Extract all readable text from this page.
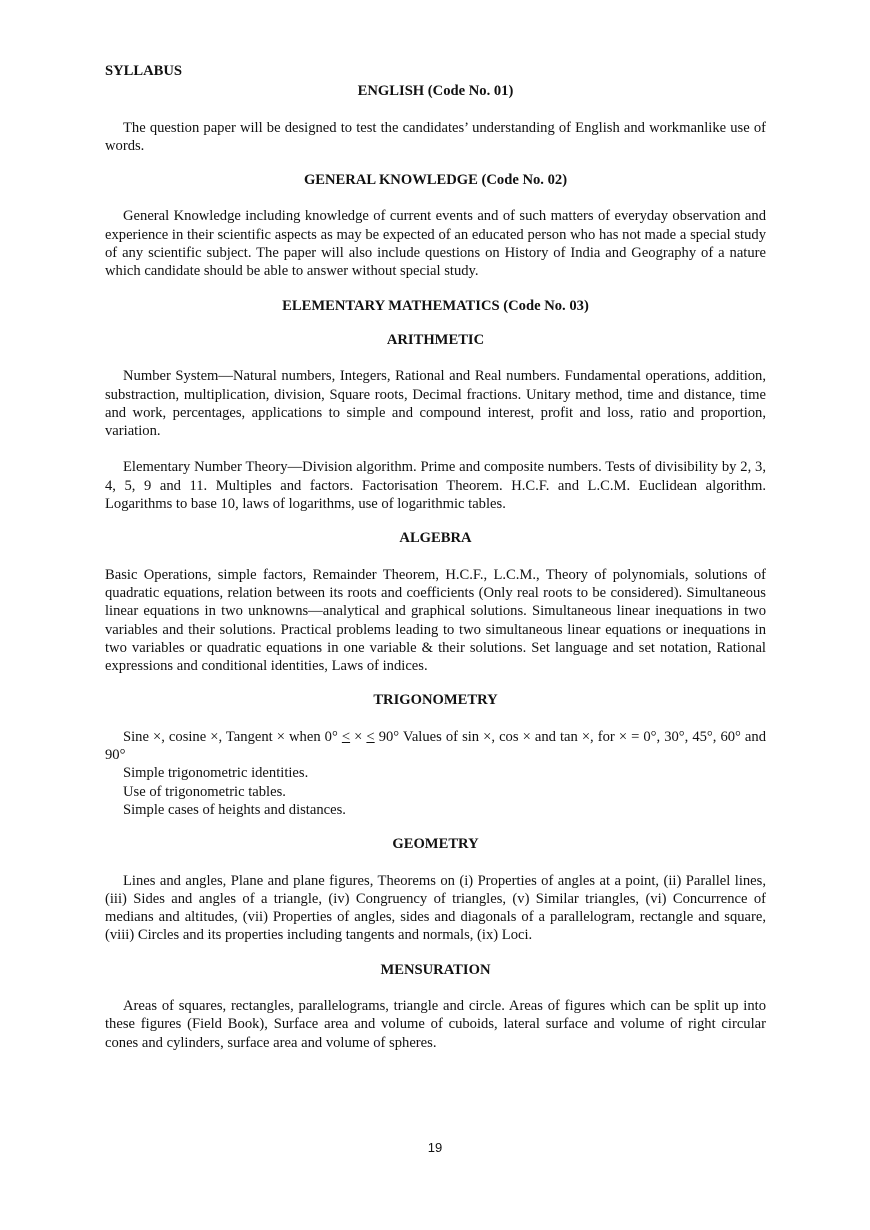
SYLLABUS
ENGLISH (Code No. 01)

The question paper will be designed to test the candidates’ understanding of English and workmanlike use of words.

GENERAL KNOWLEDGE (Code No. 02)

General Knowledge including knowledge of current events and of such matters of everyday observation and experience in their scientific aspects as may be expected of an educated person who has not made a special study of any scientific subject. The paper will also include questions on History of India and Geography of a nature which candidate should be able to answer without special study.

ELEMENTARY MATHEMATICS (Code No. 03)
ARITHMETIC

Number System—Natural numbers, Integers, Rational and Real numbers. Fundamental operations, addition, substraction, multiplication, division, Square roots, Decimal fractions. Unitary method, time and distance, time and work, percentages, applications to simple and compound interest, profit and loss, ratio and proportion, variation.

Elementary Number Theory—Division algorithm. Prime and composite numbers. Tests of divisibility by 2, 3, 4, 5, 9 and 11. Multiples and factors. Factorisation Theorem. H.C.F. and L.C.M. Euclidean algorithm. Logarithms to base 10, laws of logarithms, use of logarithmic tables.

ALGEBRA

Basic Operations, simple factors, Remainder Theorem, H.C.F., L.C.M., Theory of polynomials, solutions of quadratic equations, relation between its roots and coefficients (Only real roots to be considered). Simultaneous linear equations in two unknowns—analytical and graphical solutions. Simultaneous linear inequations in two variables and their solutions. Practical problems leading to two simultaneous linear equations or inequations in two variables or quadratic equations in one variable & their solutions. Set language and set notation, Rational expressions and conditional identities, Laws of indices.

TRIGONOMETRY

Sine ×, cosine ×, Tangent × when 0° < × < 90° Values of sin ×, cos × and tan ×, for × = 0°, 30°, 45°, 60° and 90°

Simple trigonometric identities.
Use of trigonometric tables.
Simple cases of heights and distances.
GEOMETRY

Lines and angles, Plane and plane figures, Theorems on (i) Properties of angles at a point, (ii) Parallel lines, (iii) Sides and angles of a triangle, (iv) Congruency of triangles, (v) Similar triangles, (vi) Concurrence of medians and altitudes, (vii) Properties of angles, sides and diagonals of a parallelogram, rectangle and square, (viii) Circles and its properties including tangents and normals, (ix) Loci.

MENSURATION

Areas of squares, rectangles, parallelograms, triangle and circle. Areas of figures which can be split up into these figures (Field Book), Surface area and volume of cuboids, lateral surface and volume of right circular cones and cylinders, surface area and volume of spheres.

19
